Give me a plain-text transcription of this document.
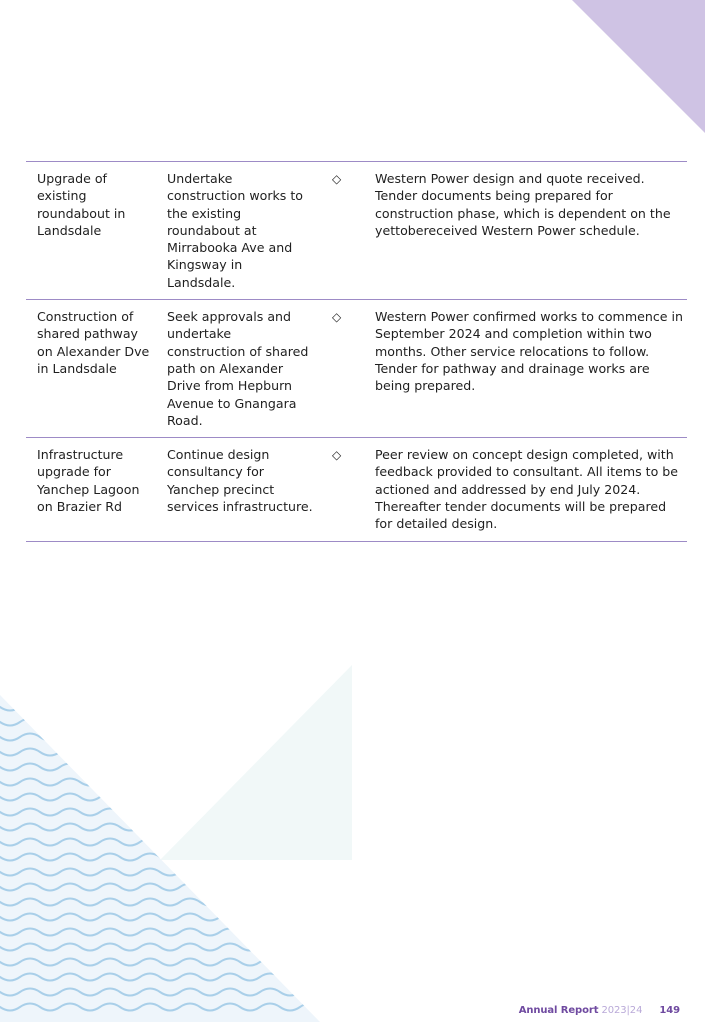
Upgrade of existing roundabout in Landsdale	Undertake construction works to the existing roundabout at Mirrabooka Ave and Kingsway in Landsdale.	◇	Western Power design and quote received. Tender documents being prepared for construction phase, which is dependent on the yettobereceived Western Power schedule.
Construction of shared pathway on Alexander Dve in Landsdale	Seek approvals and undertake construction of shared path on Alexander Drive from Hepburn Avenue to Gnangara Road.	◇	Western Power confirmed works to commence in September 2024 and completion within two months. Other service relocations to follow. Tender for pathway and drainage works are being prepared.
Infrastructure upgrade for Yanchep Lagoon on Brazier Rd	Continue design consultancy for Yanchep precinct services infrastructure.	◇	Peer review on concept design completed, with feedback provided to consultant. All items to be actioned and addressed by end July 2024. Thereafter tender documents will be prepared for detailed design.
Annual Report 2023|24 149
